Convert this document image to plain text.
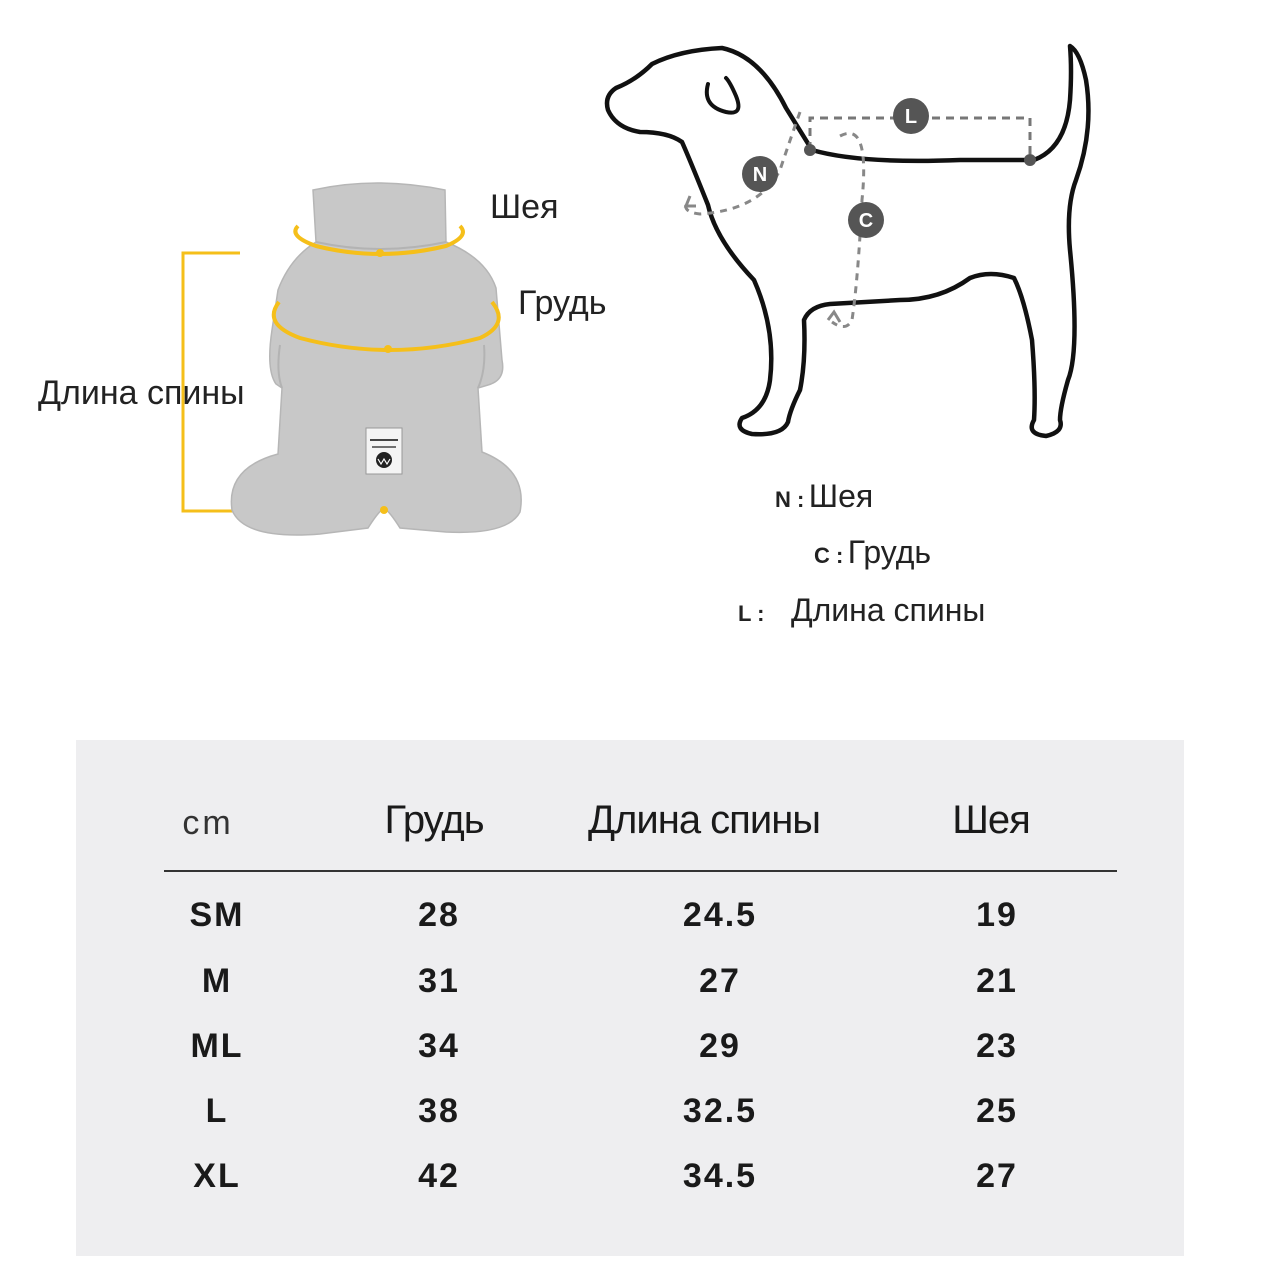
Шея
Грудь
Длина спины
N
C
L
N : Шея
C : Грудь
L : Длина спины
cm	Грудь	Длина спины	Шея
SM	28	24.5	19
M	31	27	21
ML	34	29	23
L	38	32.5	25
XL	42	34.5	27
